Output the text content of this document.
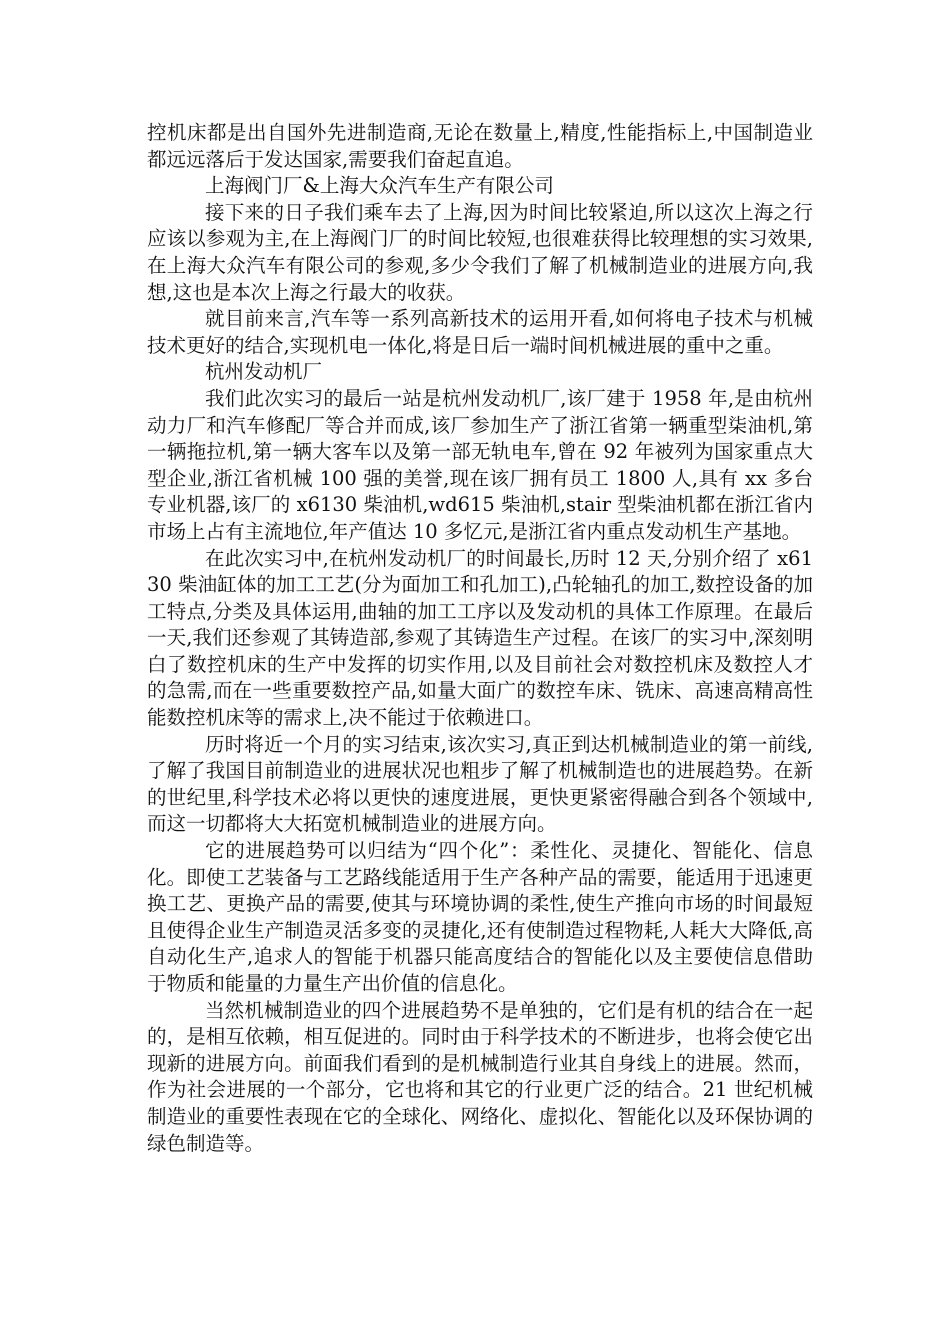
控机床都是出自国外先进制造商,无论在数量上,精度,性能指标上,中国制造业都远远落后于发达国家,需要我们奋起直追。

上海阀门厂&上海大众汽车生产有限公司

接下来的日子我们乘车去了上海,因为时间比较紧迫,所以这次上海之行应该以参观为主,在上海阀门厂的时间比较短,也很难获得比较理想的实习效果,在上海大众汽车有限公司的参观,多少令我们了解了机械制造业的进展方向,我想,这也是本次上海之行最大的收获。

就目前来言,汽车等一系列高新技术的运用开看,如何将电子技术与机械技术更好的结合,实现机电一体化,将是日后一端时间机械进展的重中之重。

杭州发动机厂

我们此次实习的最后一站是杭州发动机厂,该厂建于 1958 年,是由杭州动力厂和汽车修配厂等合并而成,该厂参加生产了浙江省第一辆重型柒油机,第一辆拖拉机,第一辆大客车以及第一部无轨电车,曾在 92 年被列为国家重点大型企业,浙江省机械 100 强的美誉,现在该厂拥有员工 1800 人,具有 xx 多台专业机器,该厂的 x6130 柴油机,wd615 柴油机,stair 型柴油机都在浙江省内市场上占有主流地位,年产值达 10 多忆元,是浙江省内重点发动机生产基地。

在此次实习中,在杭州发动机厂的时间最长,历时 12 天,分别介绍了 x6130 柴油缸体的加工工艺(分为面加工和孔加工),凸轮轴孔的加工,数控设备的加工特点,分类及具体运用,曲轴的加工工序以及发动机的具体工作原理。在最后一天,我们还参观了其铸造部,参观了其铸造生产过程。在该厂的实习中,深刻明白了数控机床的生产中发挥的切实作用,以及目前社会对数控机床及数控人才的急需,而在一些重要数控产品,如量大面广的数控车床、铣床、高速高精高性能数控机床等的需求上,决不能过于依赖进口。

历时将近一个月的实习结束,该次实习,真正到达机械制造业的第一前线,了解了我国目前制造业的进展状况也粗步了解了机械制造也的进展趋势。在新的世纪里,科学技术必将以更快的速度进展，更快更紧密得融合到各个领域中,而这一切都将大大拓宽机械制造业的进展方向。

它的进展趋势可以归结为“四个化”：柔性化、灵捷化、智能化、信息化。即使工艺装备与工艺路线能适用于生产各种产品的需要，能适用于迅速更换工艺、更换产品的需要,使其与环境协调的柔性,使生产推向市场的时间最短且使得企业生产制造灵活多变的灵捷化,还有使制造过程物耗,人耗大大降低,高自动化生产,追求人的智能于机器只能高度结合的智能化以及主要使信息借助于物质和能量的力量生产出价值的信息化。

当然机械制造业的四个进展趋势不是单独的，它们是有机的结合在一起的，是相互依赖，相互促进的。同时由于科学技术的不断进步，也将会使它出现新的进展方向。前面我们看到的是机械制造行业其自身线上的进展。然而，作为社会进展的一个部分，它也将和其它的行业更广泛的结合。21 世纪机械制造业的重要性表现在它的全球化、网络化、虚拟化、智能化以及环保协调的绿色制造等。
